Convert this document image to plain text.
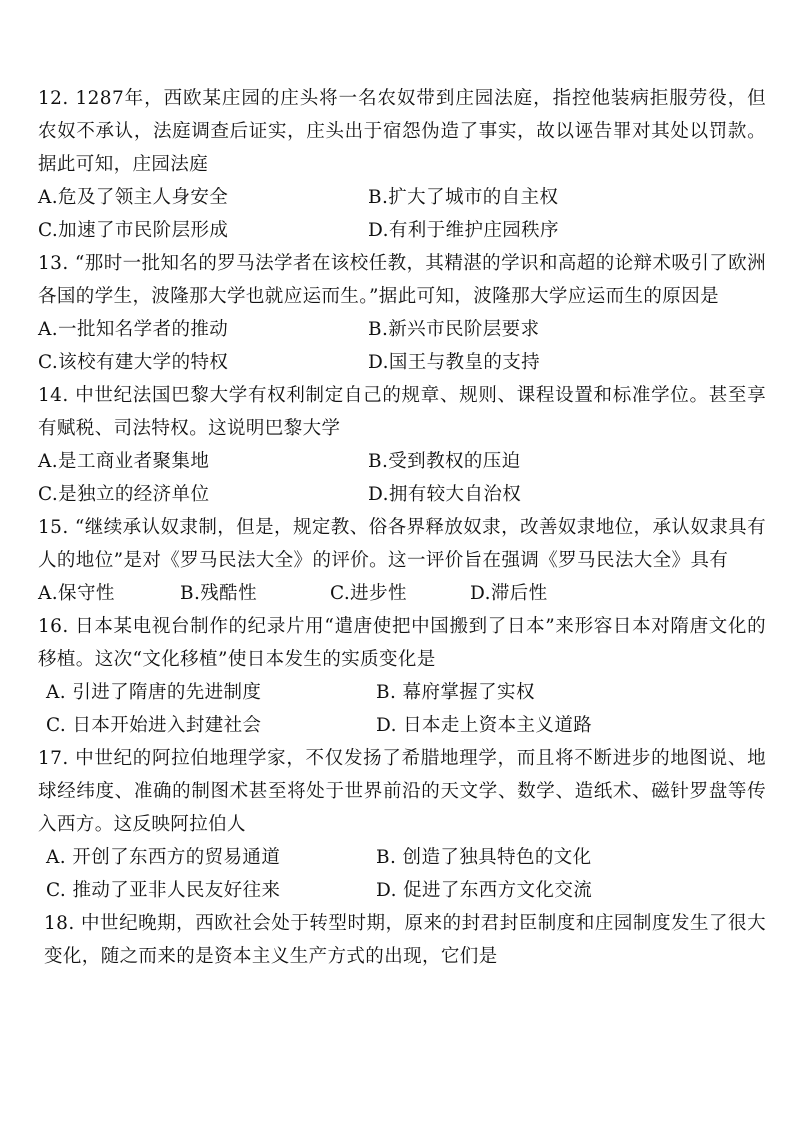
12. 1287年，西欧某庄园的庄头将一名农奴带到庄园法庭，指控他装病拒服劳役，但农奴不承认，法庭调查后证实，庄头出于宿怨伪造了事实，故以诬告罪对其处以罚款。据此可知，庄园法庭

A.危及了领主人身安全	B.扩大了城市的自主权
C.加速了市民阶层形成	D.有利于维护庄园秩序

13. “那时一批知名的罗马法学者在该校任教，其精湛的学识和高超的论辩术吸引了欧洲各国的学生，波隆那大学也就应运而生。”据此可知，波隆那大学应运而生的原因是

A.一批知名学者的推动	B.新兴市民阶层要求
C.该校有建大学的特权	D.国王与教皇的支持

14. 中世纪法国巴黎大学有权利制定自己的规章、规则、课程设置和标准学位。甚至享有赋税、司法特权。这说明巴黎大学

A.是工商业者聚集地	B.受到教权的压迫
C.是独立的经济单位	D.拥有较大自治权

15. “继续承认奴隶制，但是，规定教、俗各界释放奴隶，改善奴隶地位，承认奴隶具有人的地位”是对《罗马民法大全》的评价。这一评价旨在强调《罗马民法大全》具有

A.保守性	B.残酷性	C.进步性	D.滞后性

16. 日本某电视台制作的纪录片用“遣唐使把中国搬到了日本”来形容日本对隋唐文化的移植。这次“文化移植”使日本发生的实质变化是

A. 引进了隋唐的先进制度	B. 幕府掌握了实权
C. 日本开始进入封建社会	D. 日本走上资本主义道路

17. 中世纪的阿拉伯地理学家，不仅发扬了希腊地理学，而且将不断进步的地图说、地球经纬度、准确的制图术甚至将处于世界前沿的天文学、数学、造纸术、磁针罗盘等传入西方。这反映阿拉伯人

A. 开创了东西方的贸易通道	B. 创造了独具特色的文化
C. 推动了亚非人民友好往来	D. 促进了东西方文化交流

18. 中世纪晚期，西欧社会处于转型时期，原来的封君封臣制度和庄园制度发生了很大变化，随之而来的是资本主义生产方式的出现，它们是
